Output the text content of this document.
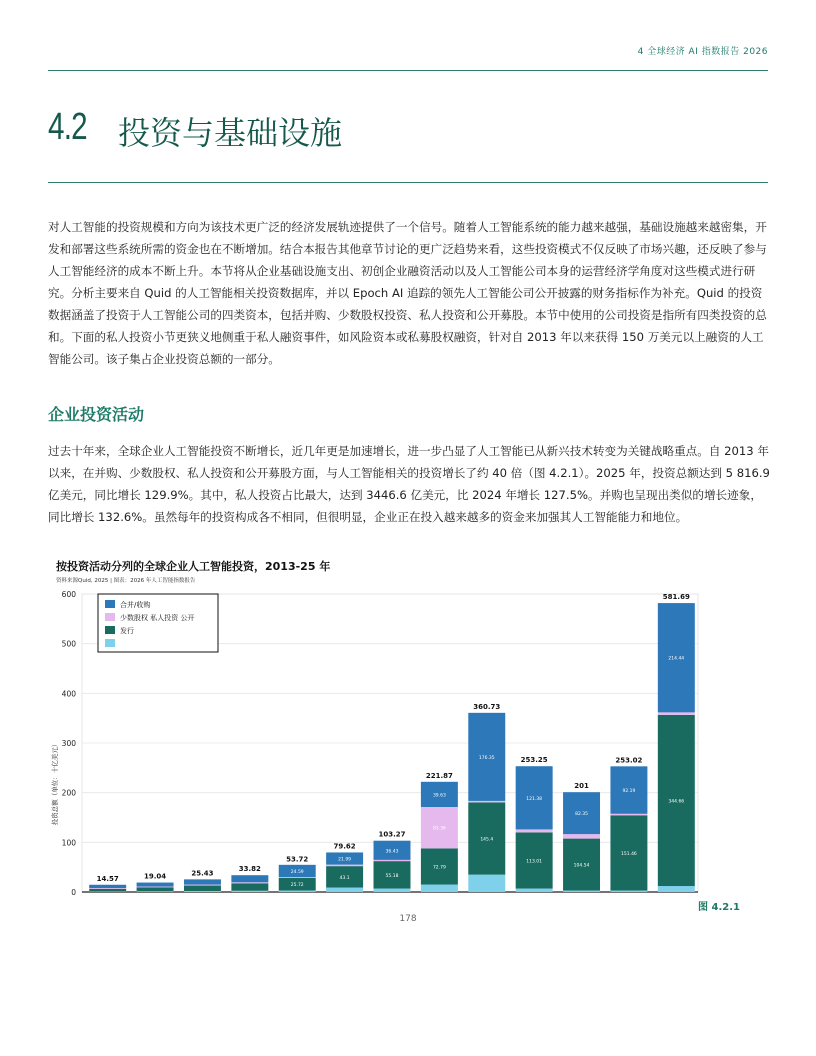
4 全球经济 AI 指数报告 2026
4.2 投资与基础设施
对人工智能的投资规模和方向为该技术更广泛的经济发展轨迹提供了一个信号。随着人工智能系统的能力越来越强，基础设施越来越密集，开发和部署这些系统所需的资金也在不断增加。结合本报告其他章节讨论的更广泛趋势来看，这些投资模式不仅反映了市场兴趣，还反映了参与人工智能经济的成本不断上升。本节将从企业基础设施支出、初创企业融资活动以及人工智能公司本身的运营经济学角度对这些模式进行研究。分析主要来自 Quid 的人工智能相关投资数据库，并以 Epoch AI 追踪的领先人工智能公司公开披露的财务指标作为补充。Quid 的投资数据涵盖了投资于人工智能公司的四类资本，包括并购、少数股权投资、私人投资和公开募股。本节中使用的公司投资是指所有四类投资的总和。下面的私人投资小节更狭义地侧重于私人融资事件，如风险资本或私募股权融资，针对自 2013 年以来获得 150 万美元以上融资的人工智能公司。该子集占企业投资总额的一部分。
企业投资活动
过去十年来，全球企业人工智能投资不断增长，近几年更是加速增长，进一步凸显了人工智能已从新兴技术转变为关键战略重点。自 2013 年以来，在并购、少数股权、私人投资和公开募股方面，与人工智能相关的投资增长了约 40 倍（图 4.2.1）。2025 年，投资总额达到 5 816.9 亿美元，同比增长 129.9%。其中，私人投资占比最大，达到 3446.6 亿美元，比 2024 年增长 127.5%。并购也呈现出类似的增长迹象，同比增长 132.6%。虽然每年的投资构成各不相同，但很明显，企业正在投入越来越多的资金来加强其人工智能能力和地位。
按投资活动分列的全球企业人工智能投资，2013-25 年
资料来源Quid, 2025 | 图表：2026 年人工智能指数报告
0
100
200
300
400
500
600
投资总额（单位：十亿美元）
14.57	19.04	25.43
33.82
25.72
24.59
53.72
43.1
21.99
79.62
55.18
36.43
103.27
72.79
83.36
39.63
221.87
145.4
176.35
360.73
113.01
121.38
253.25
104.54
82.35
201
151.46
92.19
253.02
344.66
214.44
581.69
合并/收购
少数股权 私人投资 公开
发行
图 4.2.1
178
